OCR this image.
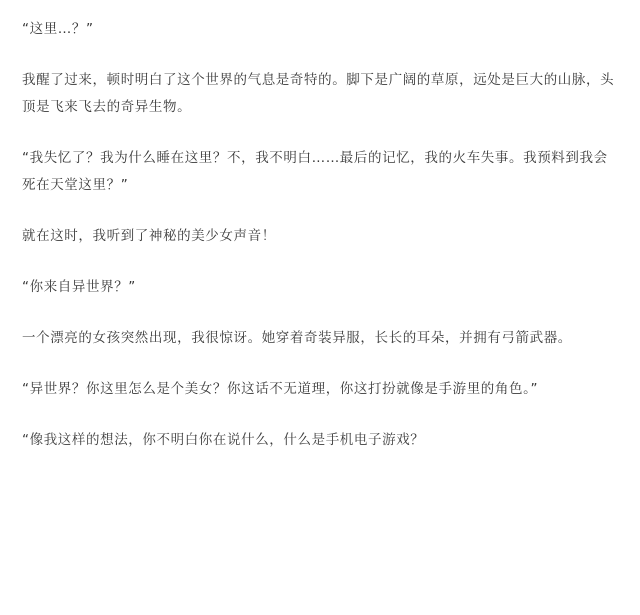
“这里…？”

我醒了过来，顿时明白了这个世界的气息是奇特的。脚下是广阔的草原，远处是巨大的山脉，头顶是飞来飞去的奇异生物。

“我失忆了？我为什么睡在这里？不，我不明白……最后的记忆，我的火车失事。我预料到我会死在天堂这里？”

就在这时，我听到了神秘的美少女声音！

“你来自异世界？”

一个漂亮的女孩突然出现，我很惊讶。她穿着奇装异服，长长的耳朵，并拥有弓箭武器。

“异世界？你这里怎么是个美女？你这话不无道理，你这打扮就像是手游里的角色。”

“像我这样的想法，你不明白你在说什么，什么是手机电子游戏？
